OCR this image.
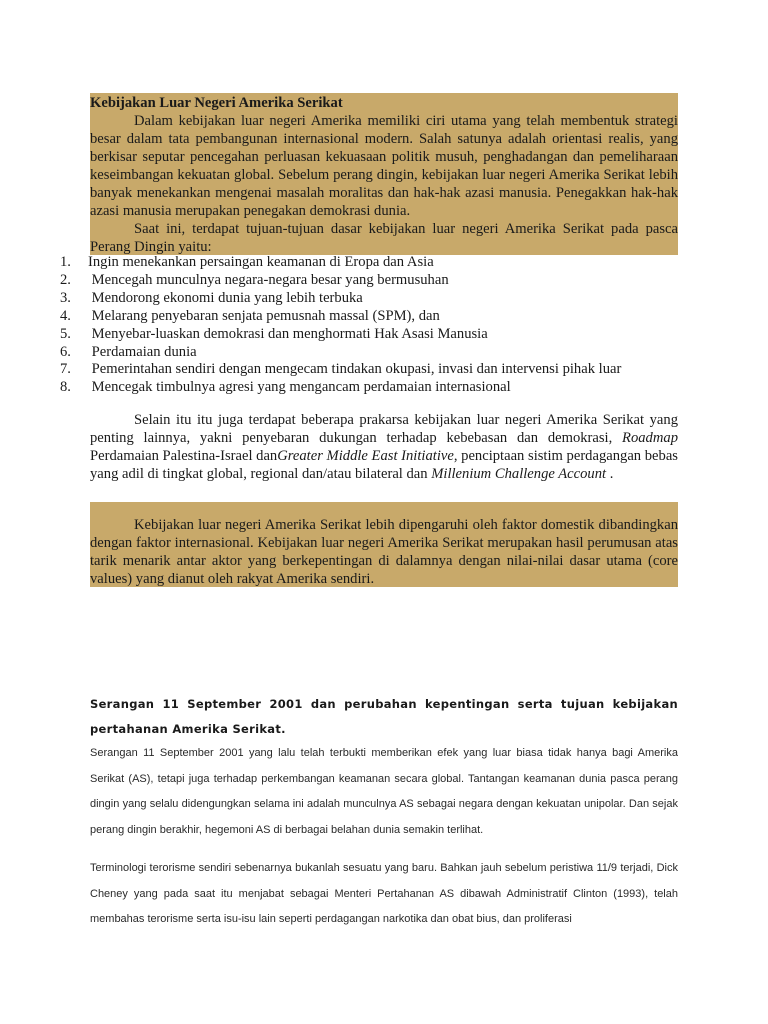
Kebijakan Luar Negeri Amerika Serikat

Dalam kebijakan luar negeri Amerika memiliki ciri utama yang telah membentuk strategi besar dalam tata pembangunan internasional modern. Salah satunya adalah orientasi realis, yang berkisar seputar pencegahan perluasan kekuasaan politik musuh, penghadangan dan pemeliharaan keseimbangan kekuatan global. Sebelum perang dingin, kebijakan luar negeri Amerika Serikat lebih banyak menekankan mengenai masalah moralitas dan hak-hak azasi manusia. Penegakkan hak-hak azasi manusia merupakan penegakan demokrasi dunia.

Saat ini, terdapat tujuan-tujuan dasar kebijakan luar negeri Amerika Serikat pada pasca Perang Dingin yaitu:

1.	Ingin menekankan persaingan keamanan di Eropa dan Asia
2.	Mencegah munculnya negara-negara besar yang bermusuhan
3.	Mendorong ekonomi dunia yang lebih terbuka
4.	Melarang penyebaran senjata pemusnah massal (SPM), dan
5.	Menyebar-luaskan demokrasi dan menghormati Hak Asasi Manusia
6.	Perdamaian dunia
7.	Pemerintahan sendiri dengan mengecam tindakan okupasi, invasi dan intervensi pihak luar
8.	Mencegak timbulnya agresi yang mengancam perdamaian internasional

Selain itu itu juga terdapat beberapa prakarsa kebijakan luar negeri Amerika Serikat yang penting lainnya, yakni penyebaran dukungan terhadap kebebasan dan demokrasi, Roadmap Perdamaian Palestina-Israel danGreater Middle East Initiative, penciptaan sistim perdagangan bebas yang adil di tingkat global, regional dan/atau bilateral dan Millenium Challenge Account .

Kebijakan luar negeri Amerika Serikat lebih dipengaruhi oleh faktor domestik dibandingkan dengan faktor internasional. Kebijakan luar negeri Amerika Serikat merupakan hasil perumusan atas tarik menarik antar aktor yang berkepentingan di dalamnya dengan nilai-nilai dasar utama (core values) yang dianut oleh rakyat Amerika sendiri.

Serangan 11 September 2001 dan perubahan kepentingan serta tujuan kebijakan pertahanan Amerika Serikat.
Serangan 11 September 2001 yang lalu telah terbukti memberikan efek yang luar biasa tidak hanya bagi Amerika Serikat (AS), tetapi juga terhadap perkembangan keamanan secara global. Tantangan keamanan dunia pasca perang dingin yang selalu didengungkan selama ini adalah munculnya AS sebagai negara dengan kekuatan unipolar. Dan sejak perang dingin berakhir, hegemoni AS di berbagai belahan dunia semakin terlihat.
Terminologi terorisme sendiri sebenarnya bukanlah sesuatu yang baru. Bahkan jauh sebelum peristiwa 11/9 terjadi, Dick Cheney yang pada saat itu menjabat sebagai Menteri Pertahanan AS dibawah Administratif Clinton (1993), telah membahas terorisme serta isu-isu lain seperti perdagangan narkotika dan obat bius, dan proliferasi
